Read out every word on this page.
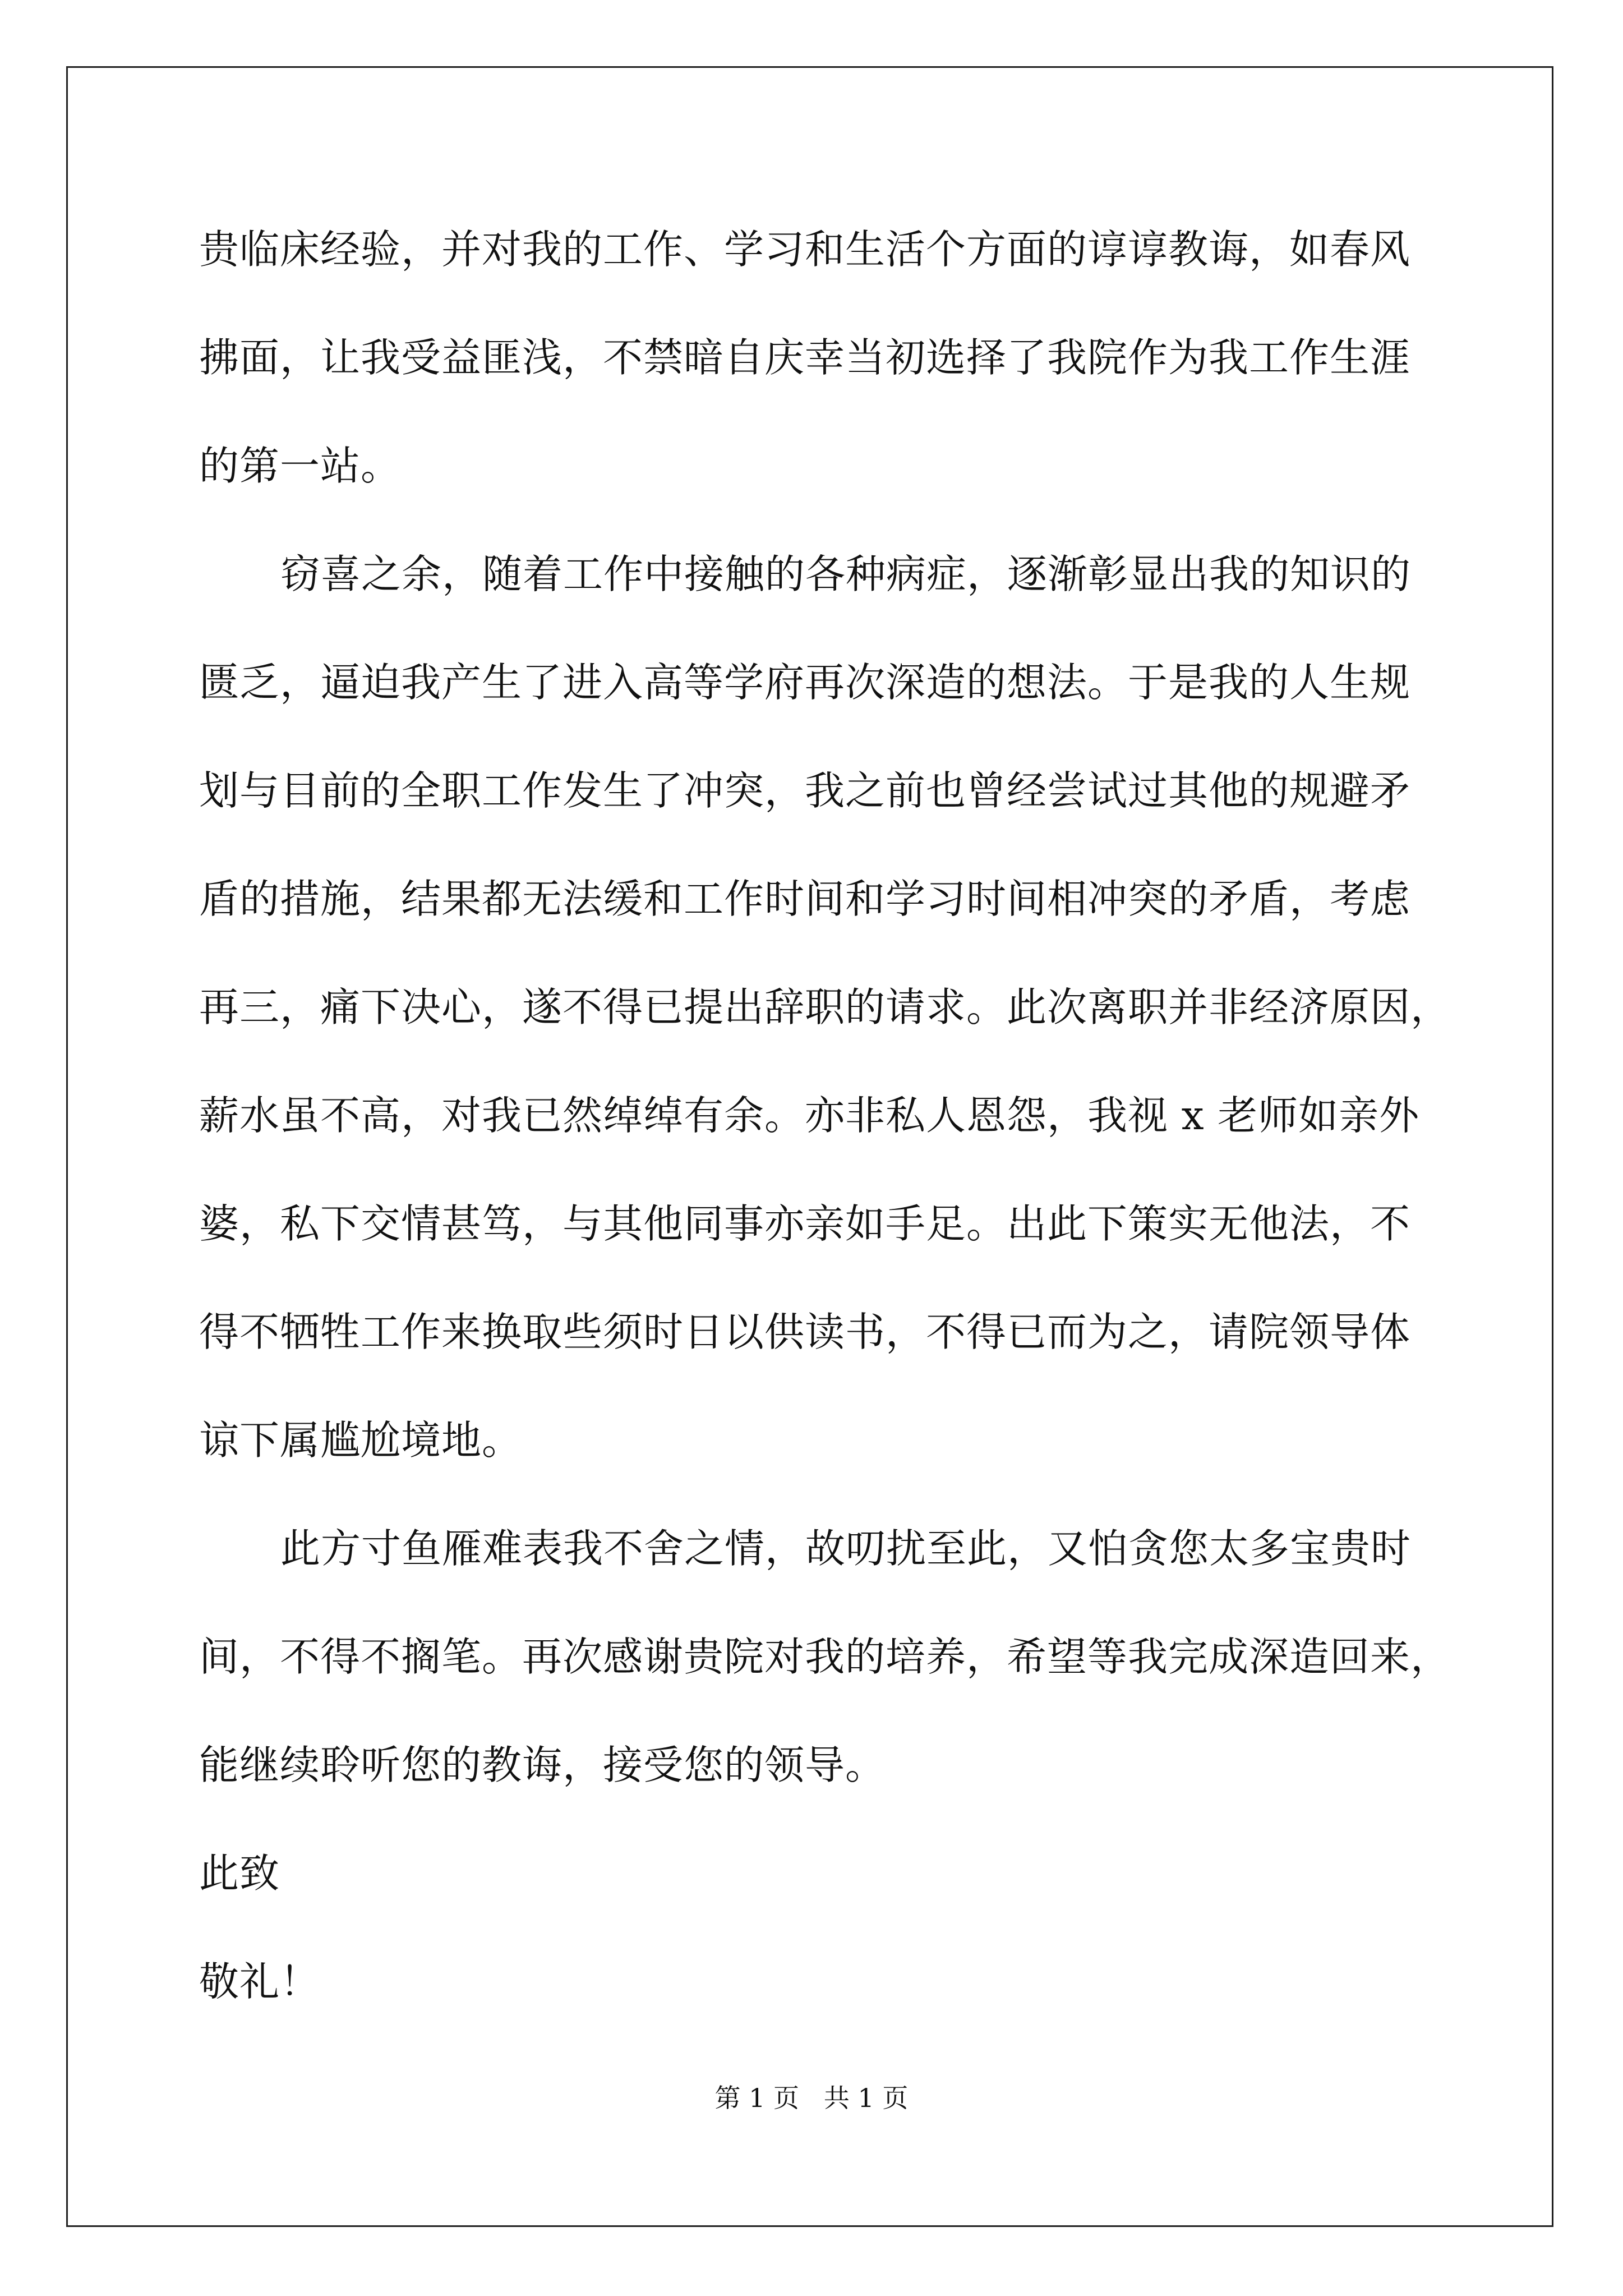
贵临床经验，并对我的工作、学习和生活个方面的谆谆教诲，如春风
拂面，让我受益匪浅，不禁暗自庆幸当初选择了我院作为我工作生涯
的第一站。
窃喜之余，随着工作中接触的各种病症，逐渐彰显出我的知识的
匮乏，逼迫我产生了进入高等学府再次深造的想法。于是我的人生规
划与目前的全职工作发生了冲突，我之前也曾经尝试过其他的规避矛
盾的措施，结果都无法缓和工作时间和学习时间相冲突的矛盾，考虑
再三，痛下决心，遂不得已提出辞职的请求。此次离职并非经济原因，
薪水虽不高，对我已然绰绰有余。亦非私人恩怨，我视 x 老师如亲外
婆，私下交情甚笃，与其他同事亦亲如手足。出此下策实无他法，不
得不牺牲工作来换取些须时日以供读书，不得已而为之，请院领导体
谅下属尴尬境地。
此方寸鱼雁难表我不舍之情，故叨扰至此，又怕贪您太多宝贵时
间，不得不搁笔。再次感谢贵院对我的培养，希望等我完成深造回来，
能继续聆听您的教诲，接受您的领导。
此致
敬礼！
第 1 页   共 1 页
